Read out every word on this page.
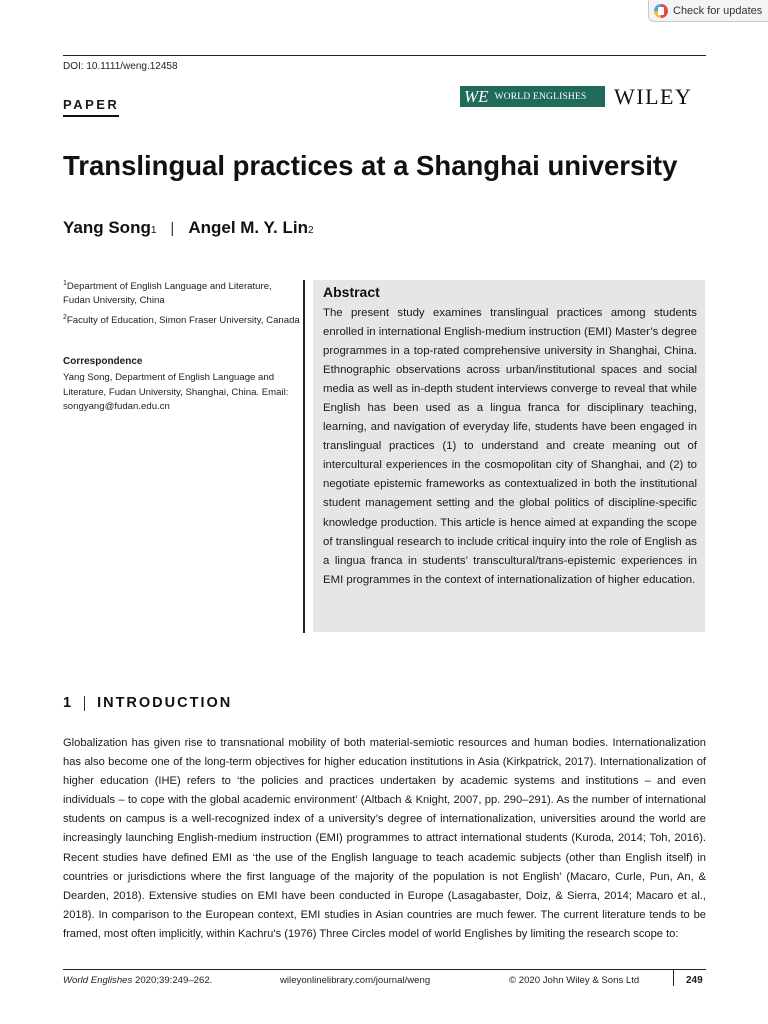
Check for updates
DOI: 10.1111/weng.12458
PAPER	WE WORLD ENGLISHES WILEY
Translingual practices at a Shanghai university
Yang Song 1 | Angel M. Y. Lin 2
$^1$Department of English Language and Literature, Fudan University, China
$^2$Faculty of Education, Simon Fraser University, Canada
Correspondence
Yang Song, Department of English Language and Literature, Fudan University, Shanghai, China. Email: songyang@fudan.edu.cn
Abstract
The present study examines translingual practices among students enrolled in international English-medium instruction (EMI) Master’s degree programmes in a top-rated comprehensive university in Shanghai, China. Ethnographic observations across urban/institutional spaces and social media as well as in-depth student interviews converge to reveal that while English has been used as a lingua franca for disciplinary teaching, learning, and navigation of everyday life, students have been engaged in translingual practices (1) to understand and create meaning out of intercultural experiences in the cosmopolitan city of Shanghai, and (2) to negotiate epistemic frameworks as contextualized in both the institutional student management setting and the global politics of discipline-specific knowledge production. This article is hence aimed at expanding the scope of translingual research to include critical inquiry into the role of English as a lingua franca in students’ transcultural/trans-epistemic experiences in EMI programmes in the context of internationalization of higher education.
1 INTRODUCTION
Globalization has given rise to transnational mobility of both material-semiotic resources and human bodies. Internationalization has also become one of the long-term objectives for higher education institutions in Asia (Kirkpatrick, 2017). Internationalization of higher education (IHE) refers to ‘the policies and practices undertaken by academic systems and institutions – and even individuals – to cope with the global academic environment’ (Altbach & Knight, 2007, pp. 290–291). As the number of international students on campus is a well-recognized index of a university’s degree of internationalization, universities around the world are increasingly launching English-medium instruction (EMI) programmes to attract international students (Kuroda, 2014; Toh, 2016). Recent studies have defined EMI as ‘the use of the English language to teach academic subjects (other than English itself) in countries or jurisdictions where the first language of the majority of the population is not English’ (Macaro, Curle, Pun, An, & Dearden, 2018). Extensive studies on EMI have been conducted in Europe (Lasagabaster, Doiz, & Sierra, 2014; Macaro et al., 2018). In comparison to the European context, EMI studies in Asian countries are much fewer. The current literature tends to be framed, most often implicitly, within Kachru’s (1976) Three Circles model of world Englishes by limiting the research scope to:
World Englishes 2020;39:249–262.	wileyonlinelibrary.com/journal/weng	© 2020 John Wiley & Sons Ltd	249
